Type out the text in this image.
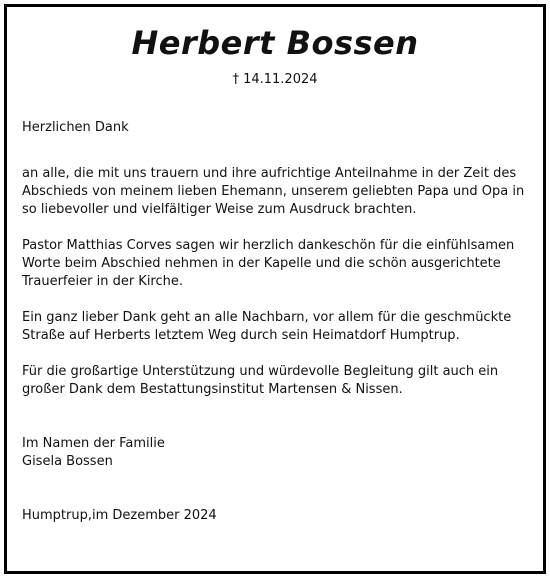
Herbert Bossen
† 14.11.2024

Herzlichen Dank

an alle, die mit uns trauern und ihre aufrichtige Anteilnahme in der Zeit des Abschieds von meinem lieben Ehemann, unserem geliebten Papa und Opa in so liebevoller und vielfältiger Weise zum Ausdruck brachten.

Pastor Matthias Corves sagen wir herzlich dankeschön für die einfühlsamen Worte beim Abschied nehmen in der Kapelle und die schön ausgerichtete Trauerfeier in der Kirche.

Ein ganz lieber Dank geht an alle Nachbarn, vor allem für die geschmückte Straße auf Herberts letztem Weg durch sein Heimatdorf Humptrup.

Für die großartige Unterstützung und würdevolle Begleitung gilt auch ein großer Dank dem Bestattungsinstitut Martensen & Nissen.

Im Namen der Familie

Gisela Bossen

Humptrup,im Dezember 2024
